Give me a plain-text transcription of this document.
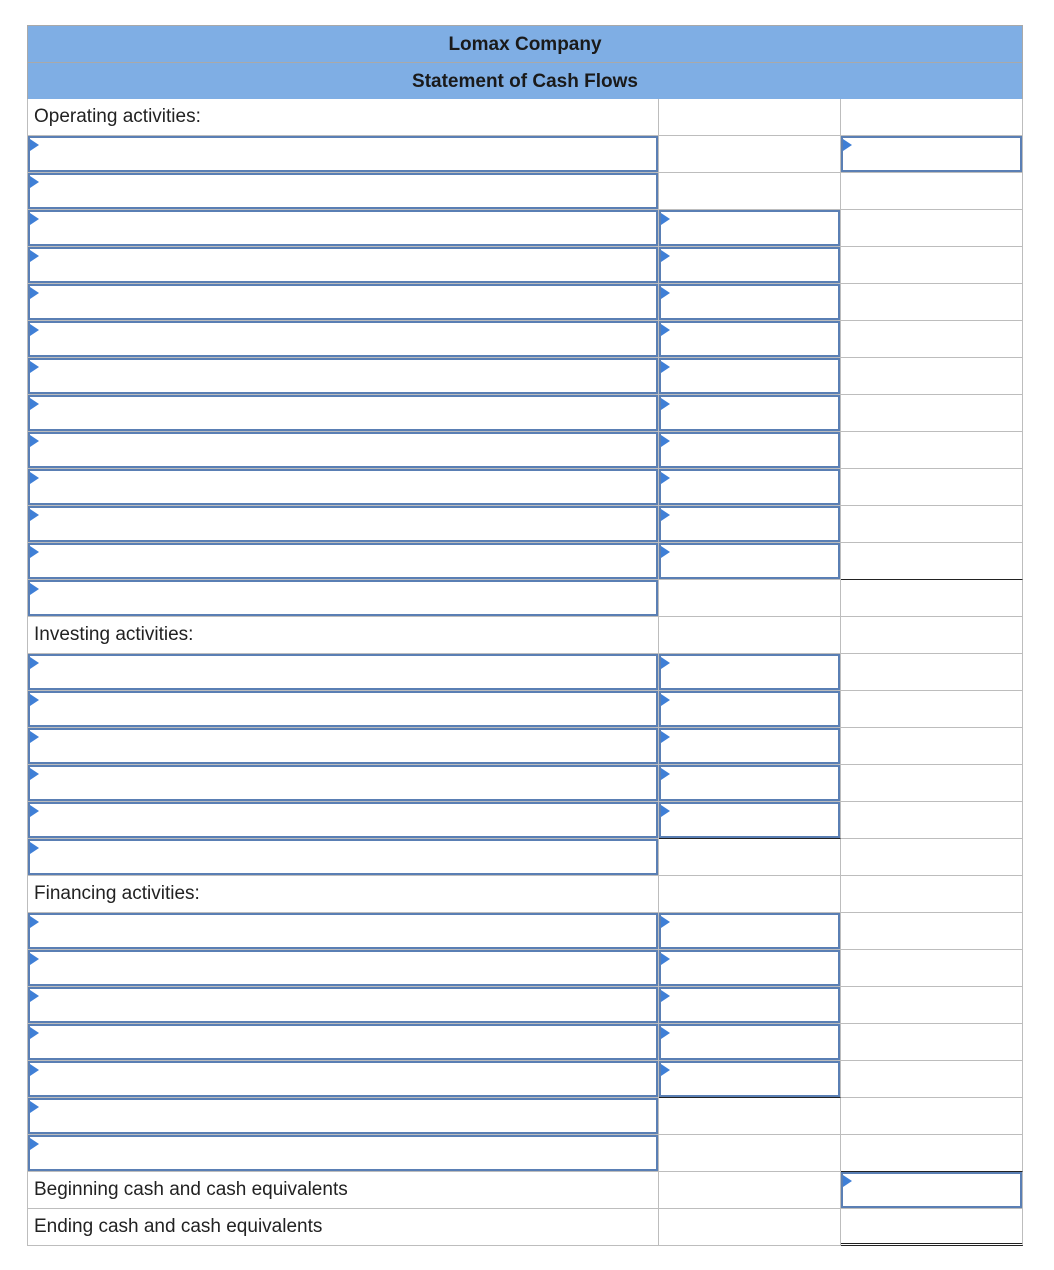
Lomax Company
Statement of Cash Flows
Operating activities:
Investing activities:
Financing activities:
Beginning cash and cash equivalents
Ending cash and cash equivalents
